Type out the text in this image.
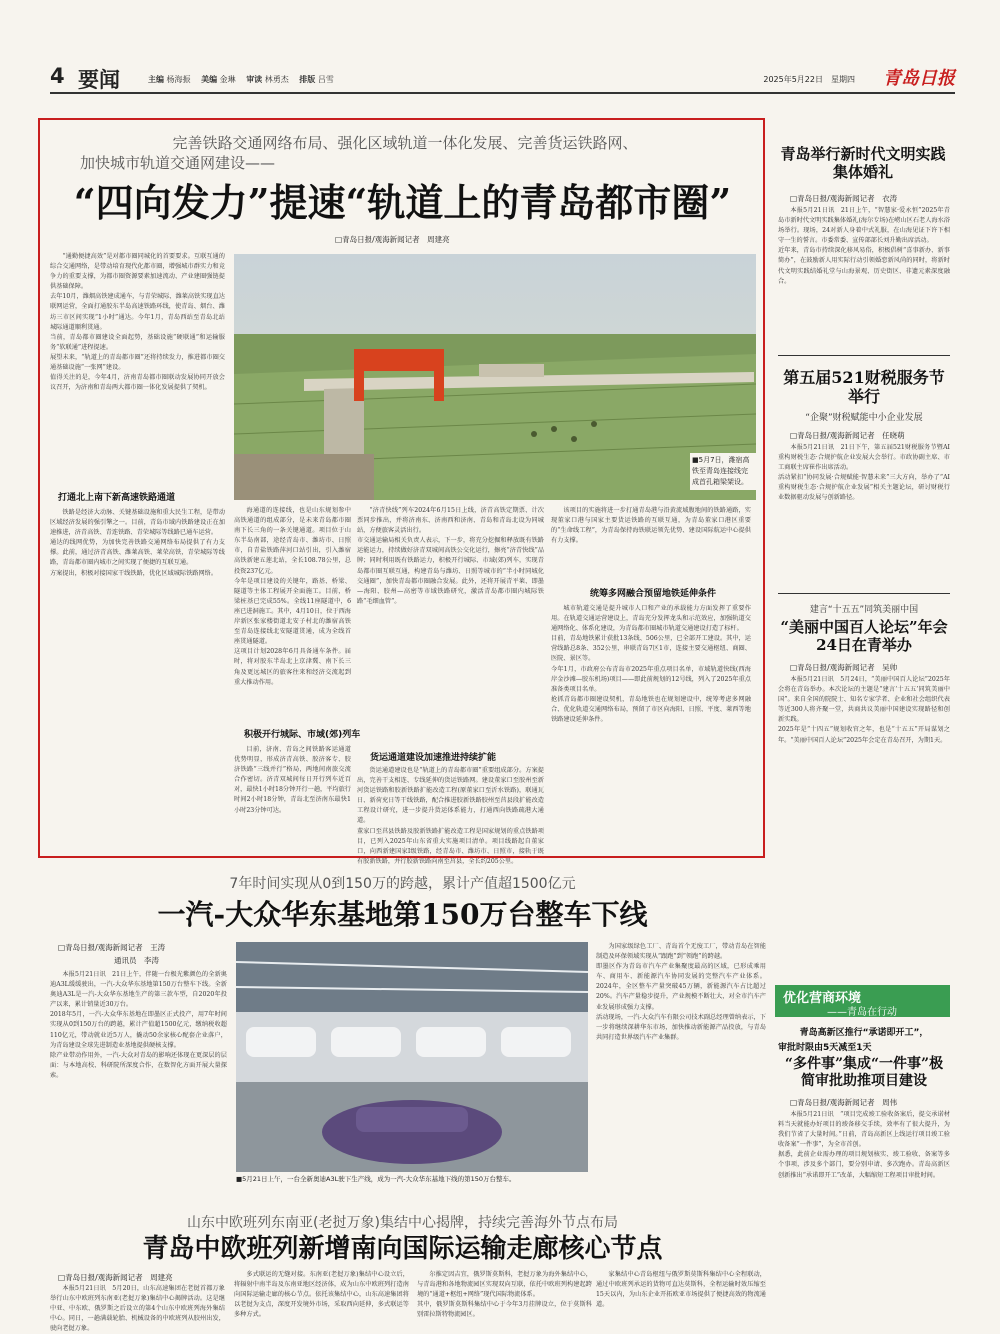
4 要闻	主编 杨海振 美编 金琳 审读 林勇杰 排版 吕雪	2025年5月22日　星期四 青岛日报
完善铁路交通网络布局、强化区域轨道一体化发展、完善货运铁路网、
加快城市轨道交通网建设——
“四向发力”提速“轨道上的青岛都市圈”
□青岛日报/观海新闻记者　周建亮

“通勤便捷高效”是对都市圈同城化的首要要求。互联互通的综合交通网络，是带动培育现代化都市圈，增强城市群实力和竞争力的重要支撑，为都市圈资源要素加速流动、产业建圈强链提供基础保障。
去年10月，潍烟高铁建成通车，与青荣城际、潍莱高铁实现直达联网运营，全面打通胶东半岛高速铁路环线，使青岛、烟台、潍坊三市区间实现“1小时”通达。今年1月，青岛西站至青岛北站城际通道顺利贯通。
当前，青岛都市圈建设全面起势，基础设施“硬联通”和运输服务“软联通”进程提速。
展望未来，“轨道上的青岛都市圈”还将持续发力，推进都市圈交通基础设施“一张网”建设。
值得关注的是，今年4月，济南青岛都市圈联动发展协同开放会议召开，为济南和青岛两大都市圈一体化发展提供了契机。

打通北上南下新高速铁路通道

铁路是经济大动脉、关键基础设施和重大民生工程，是带动区域经济发展的强引擎之一。目前，青岛市域内铁路建设正在加速推进，济青高铁、青连铁路、青荣城际等线路已通车运营。
通达的线网优势，为加快完善铁路交通网络布局提供了有力支撑。此前，通过济青高铁、潍莱高铁、莱荣高铁，青荣城际等线路，青岛都市圈内城市之间实现了便捷的互联互通。
方案提出，积极对接国家干线铁路，优化区域城际铁路网络。

■5月7日，潍宿高铁至青岛连接线完成首孔箱梁架设。

海通道的连接线，也是山东规划参中高铁通道的组成部分，是未来青岛都市圈南下长三角的一条关键通道。项目位于山东半岛南部，途经青岛市、潍坊市、日照市，自青盐铁路萍河口站引出，引入潍宿高铁新建五莲北站，全长108.78公里，总投资237亿元。
今年是项目建设的关键年，路基、桥梁、隧道等主体工程展开全面施工。目前，桥梁桩基已完成55%。全线11座隧道中，6座已进洞施工。其中，4月10日，位于西海岸新区张家楼街道北安子村北的潍宿高铁至青岛连接线北安隧道贯通，成为全线首座贯通隧道。
这项目计划2028年6月具备通车条件。届时，将对胶东半岛北上京津冀、南下长三角及更远城区的旅客往来和经济交流起到重大推动作用。

积极开行城际、市域(郊)列车

目前，济南、青岛之间铁路客运通道优势明显，形成济青高铁、胶济客专、胶济铁路“三线并行”格局，两地间南旅交流合作密切。济青双城间每日开行列车近百对，最快1小时18分钟开行一趟，平均旅行时间2小时18分钟，青岛北至济南东最快1小时23分钟可达。

“济青快线”列车2024年6月15日上线，济青高铁定期票、计次票同步推出，并将济南东、济南西和济南、青岛和青岛北设为同城站，方便旅客灵活出行。
市交通运输局相关负责人表示，下一步，将充分挖掘和释放既有铁路运能运力，持续做好济青双城间高铁公交化运行，擦亮“济青快线”品牌；同时利用既有铁路运力，积极开行城际、市域(郊)列车，实现青岛都市圈互联互通，构建青岛与潍坊、日照等城市的“半小时同城化交通圈”，加快青岛都市圈融合发展。此外，还将开展青平莱、即墨—海阳、胶州—高密等市域铁路研究，激活青岛都市圈内城际铁路“毛细血管”。

货运通道建设加速推进持续扩能

货运通道建设也是“轨道上的青岛都市圈”重要组成部分。方案提出，完善干支相连、专线延伸的货运铁路网。建设董家口至胶州至新河货运铁路和胶新铁路扩能改造工程(原董家口至沂水铁路)，联通瓦日、新荷兖日等干线铁路，配合推进胶新铁路胶州至莒县段扩能改造工程设计研究，进一步提升货运体系能力，打通西向铁路疏港大通道。
董家口至莒县铁路及胶新铁路扩能改造工程是国家规划的重点铁路项目，已列入2025年山东省重大实施项目清单。项目线路起自董家口，向西新建国家Ⅰ级铁路，经青岛市、潍坊市、日照市，接轨于既有胶新铁路，并行胶新铁路向南至莒县，全长约205公里。

该项目的实施将进一步打通青岛港与沿黄流域腹地间的铁路通路，实现董家口港与国家主要货运铁路的互联互通，为青岛董家口港区重要的“生命线工程”，为青岛保持海铁联运领先优势、建设国际航运中心提供有力支撑。

统筹多网融合预留地铁延伸条件

城市轨道交通是提升城市人口和产业的承载能力方面发挥了重要作用。在轨道交通运营建设上，青岛充分发挥龙头和示范效应，加强轨道交通网络化、体系化建设，为青岛都市圈城市轨道交通建设打造了标杆。
目前，青岛地铁累计获批13条线、506公里，已全部开工建设。其中，运营线路总8条、352公里，串联青岛7区1市，连接主要交通枢纽、商圈、医院、景区等。
今年1月，市政府公布青岛市2025年重点项目名单，市域轨道快线(西海岸金沙滩—胶东机场)项目——即此前规划的12号线，列入了2025年重点准备类项目名单。
抢抓青岛都市圈建设契机，青岛地铁也在规划建设中，统筹考虑多网融合、优化轨道交通网络布局，预留了市区向海阳、日照、平度、莱西等地铁路建设延伸条件。

青岛举行新时代文明实践集体婚礼
□青岛日报/观海新闻记者　衣涛

本报5月21日讯　21日上午，“智慧家·爱永恒”2025年青岛市新时代文明实践集体婚礼(海尔专场)在崂山区石老人海水浴场举行。现场，24对新人身着中式礼服，在山海见证下许下相守一生的誓言。市委常委、宣传部部长刘升勤出席活动。
近年来，青岛市持续深化移风易俗，积极倡树“喜事新办、新事简办”，在鼓励新人用实际行动引领婚恋新风尚的同时，将新时代文明实践结婚礼堂与山海景观、历史街区、非遗元素深度融合。

第五届521财税服务节举行
“企聚”财税赋能中小企业发展
□青岛日报/观海新闻记者　任晓萌

本报5月21日讯　21日下午，第五届521财税服务节暨AI重构财税生态·合规护航企业发展大会举行。市政协副主席、市工商联主席崔作出席活动。
活动紧扣“协同发展·合规赋能·智慧未来”三大方向，举办了“AI重构财税生态·合规护航企业发展”相关主题论坛，研讨财税行业数据驱动发展与创新路径。

建言“十五五”同筑美丽中国
“美丽中国百人论坛”年会24日在青举办
□青岛日报/观海新闻记者　吴帅

本报5月21日讯　5月24日，“美丽中国百人论坛”2025年会将在青岛举办。本次论坛的主题是“建言‘十五五’同筑美丽中国”。来自全国的院院士、知名专家学者、企业和社会组织代表等近300人将齐聚一堂，共商共议美丽中国建设实现路径和创新实践。
2025年是“十四五”规划收官之年，也是“十五五”开局谋划之年。“美丽中国百人论坛”2025年会定在青岛召开，为期1天。

优化营商环境
——青岛在行动
青岛高新区推行“承诺即开工”，
审批时限由5天减至1天
“多件事”集成“一件事”极简审批助推项目建设
□青岛日报/观海新闻记者　周伟

本报5月21日讯　“项目完成竣工验收备案后，提交承诺材料当天就能办好项目的竣备移交手续，效率有了很大提升，为我们节省了大量时间。”日前，青岛高新区上线运行项目竣工验收备案“一件事”，为全市首创。
据悉，此前企业需办理的项目规划核实、竣工验收、备案等多个事项，涉及多个部门，要分别申请、多次跑办。青岛高新区创新推出“承诺即开工”改革，大幅缩短工程项目审批时间。

7年时间实现从0到150万的跨越，累计产值超1500亿元
一汽-大众华东基地第150万台整车下线
□青岛日报/观海新闻记者　王涛
通讯员　李涛

本报5月21日讯　21日上午，伴随一台极光紫颜色的全新奥迪A3L缓缓驶出，一汽-大众华东基地第150万台整车下线。全新奥迪A3L是一汽-大众华东基地生产的第三款车型，自2020年投产以来，累计销量近30万台。
2018年5月，一汽-大众华东基地在即墨区正式投产，用7年时间实现从0到150万台的跨越，累计产值超1500亿元，缴纳税收超110亿元，带动就业近5万人，撬动50余家核心配套企业落户，为青岛建设全球先进制造业基地提供硬核支撑。
除产业带动作用外，一汽-大众对青岛的影响还体现在更深层的层面：与本地高校、科研院所深度合作，在数智化方面开展大量探索。

■5月21日上午，一台全新奥迪A3L驶下生产线，成为一汽-大众华东基地下线的第150万台整车。

为国家级绿色工厂、青岛首个无废工厂，带动青岛在智能制造及环保领域实现从“跟跑”到“领跑”的跨越。
即墨区作为青岛市汽车产业集聚度最高的区域，已形成乘用车、商用车、新能源汽车协同发展的完整汽车产业体系。2024年，全区整车产量突破45万辆，新能源汽车占比超过20%。汽车产量稳步提升，产业规模不断壮大，对全市汽车产业发展形成强力支撑。
活动现场，一汽-大众汽车有限公司技术副总经理曾纳表示，下一步将继续深耕华东市场，加快推动新能源产品投放，与青岛共同打造世界级汽车产业集群。

山东中欧班列东南亚(老挝万象)集结中心揭牌，持续完善海外节点布局
青岛中欧班列新增南向国际运输走廊核心节点
□青岛日报/观海新闻记者　周建亮

本报5月21日讯　5月20日，山东高速集团在老挝首都万象举行山东中欧班列东南亚(老挝万象)集结中心揭牌活动。这是继中亚、中东欧、俄罗斯之后设立的第4个山东中欧班列海外集结中心。同日，一趟满载轮胎、机械设备的中欧班列从胶州出发，驶向老挝万象。

多式联运的无缝对接。东南亚(老挝万象)集结中心设立后，将辐射中南半岛及东南亚地区经济体，成为山东中欧班列打造南向国际运输走廊的核心节点。依托该集结中心，山东高速集团将以老挝为支点，深度开发境外市场，采取西向延伸，多式联运等多种方式。

尔推定因吉宜，俄罗斯莫斯科，老挝万象为海外集结中心，与青岛港和各地物流园区实现双向互联，依托中欧班列构建起跨境的“通道+枢纽+网络”现代国际物流体系。
其中，俄罗斯莫斯科集结中心于今年3月挂牌设立，位于莫斯科别雷拉斯特物流园区。

家集结中心青岛枢纽与俄罗斯莫斯科集结中心全程联动，通过中欧班列承运的货物可直达莫斯科，全程运输时效压缩至15天以内，为山东企业开拓欧亚市场提供了便捷高效的物流通道。
